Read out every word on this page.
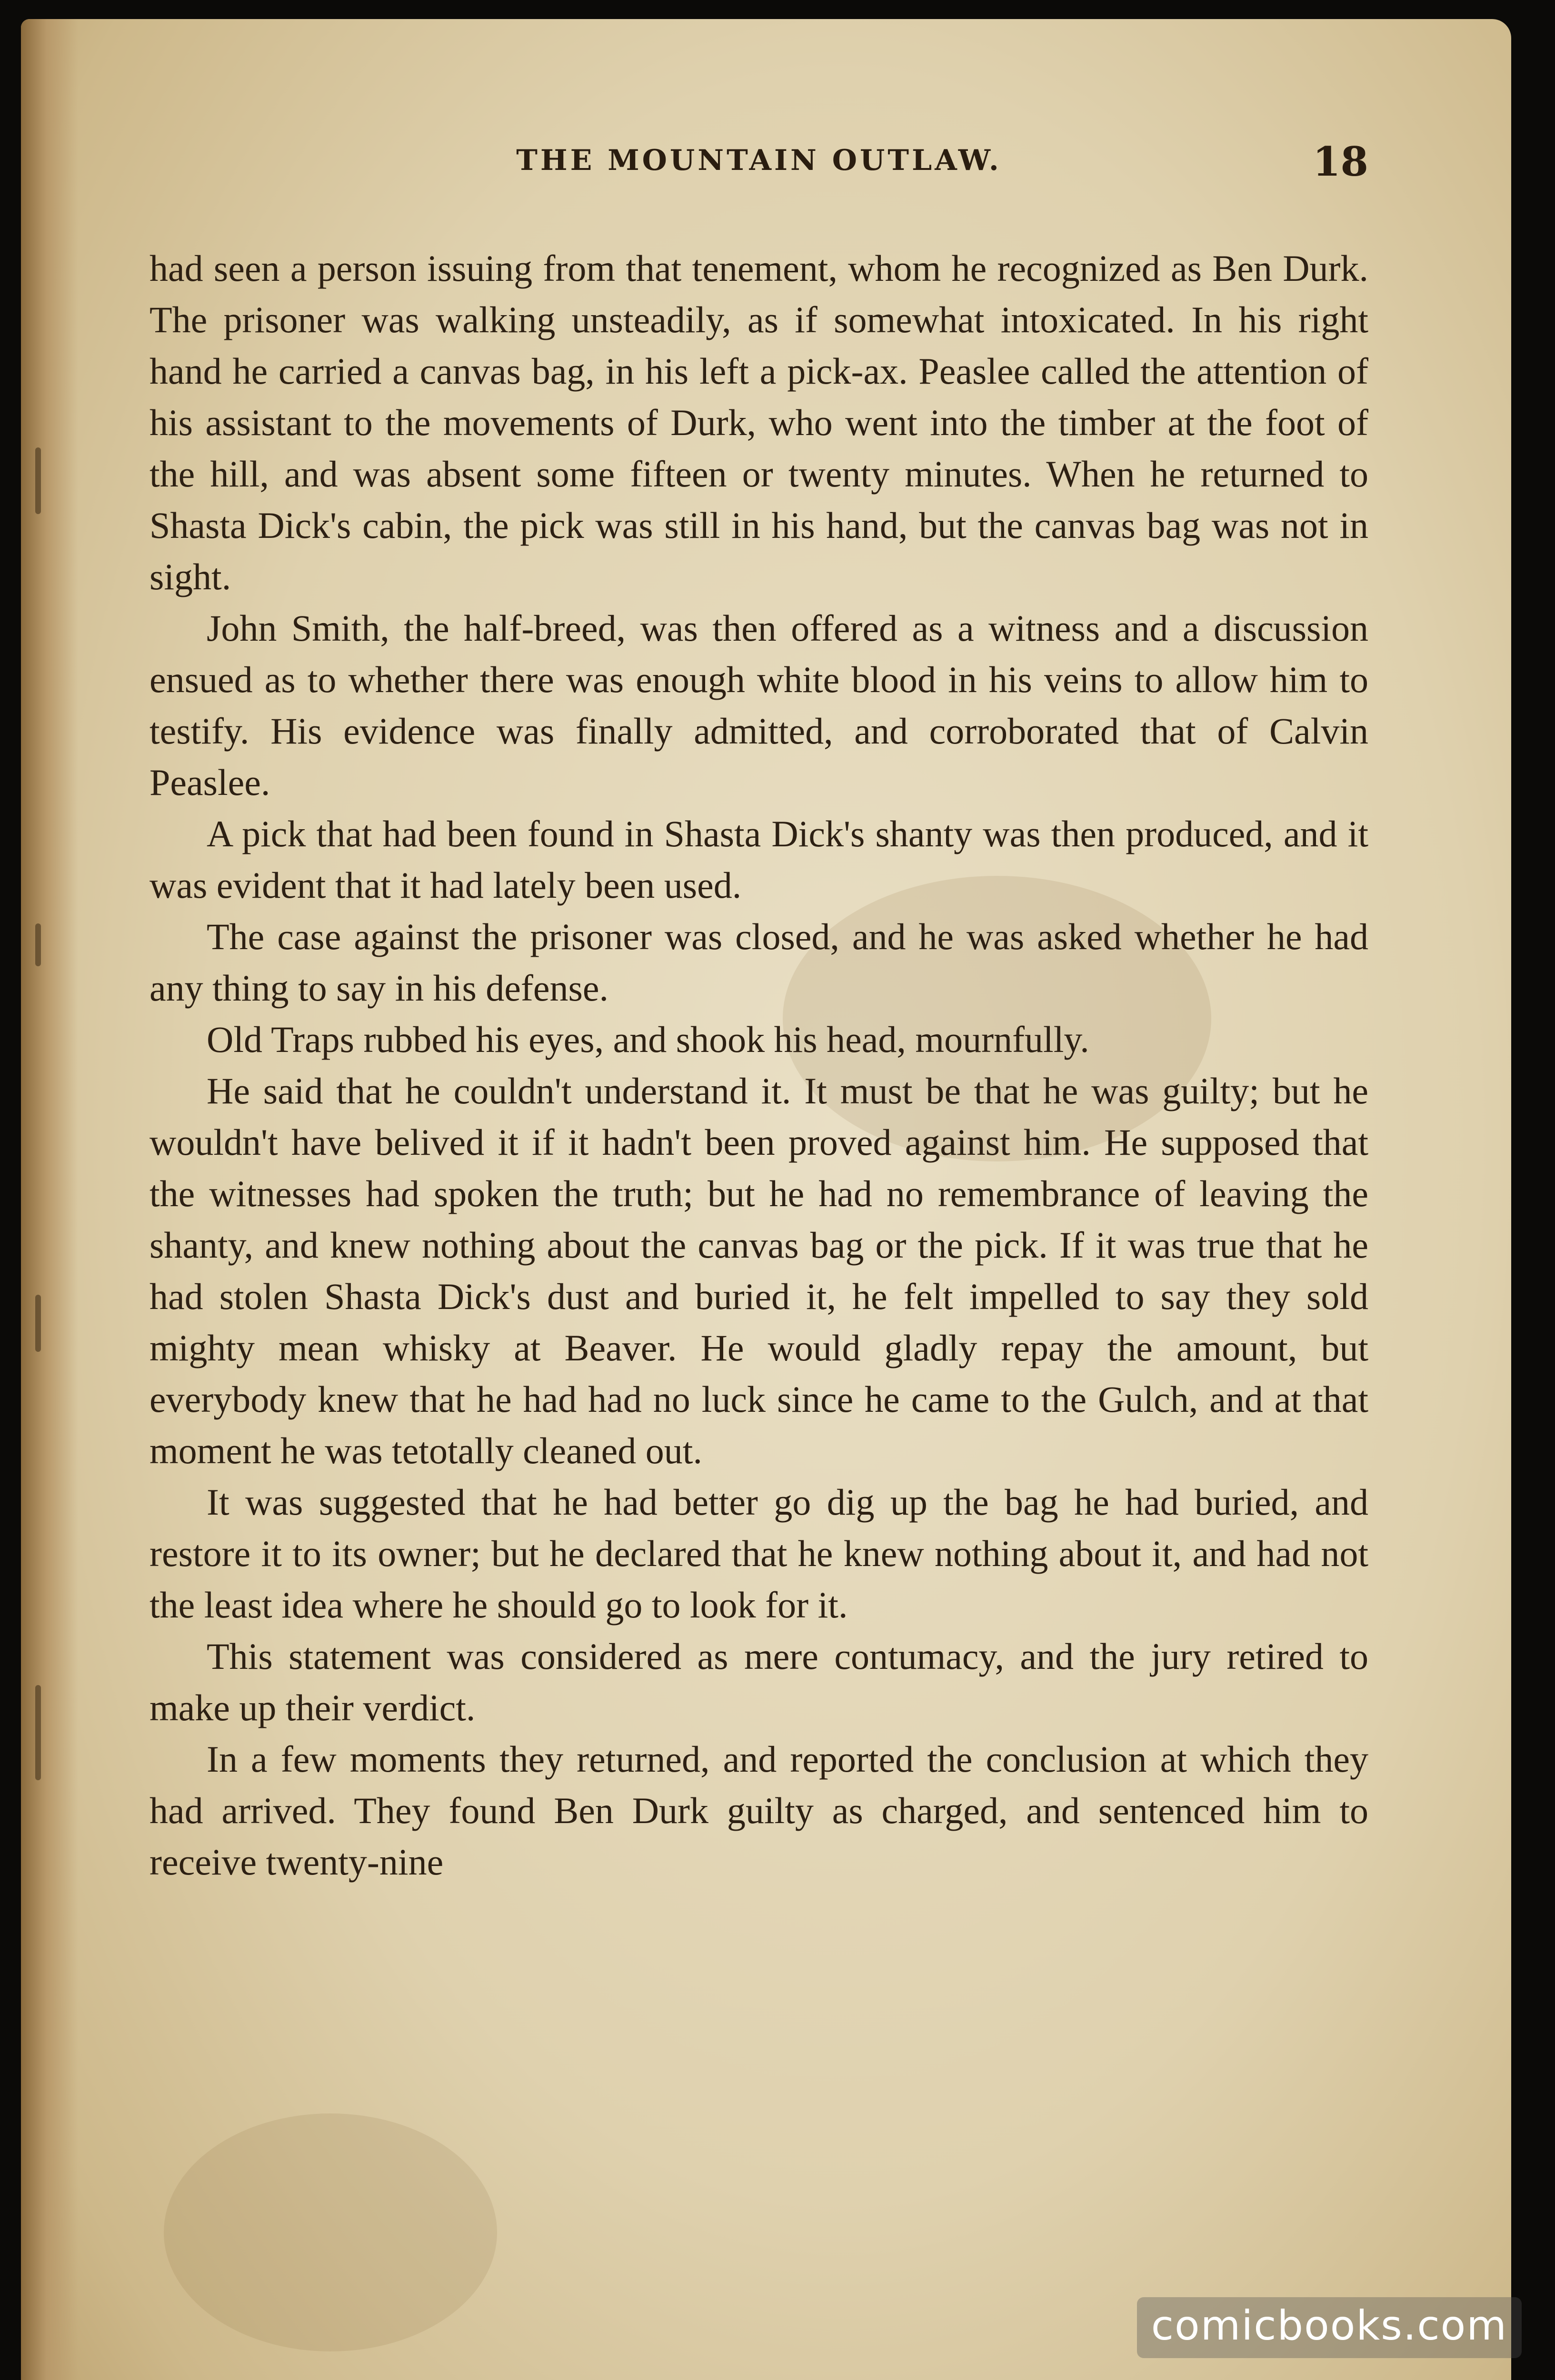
THE MOUNTAIN OUTLAW.	18

had seen a person issuing from that tenement, whom he recognized as Ben Durk. The prisoner was walking unsteadily, as if somewhat intoxicated. In his right hand he carried a canvas bag, in his left a pick-ax. Peaslee called the attention of his assistant to the movements of Durk, who went into the timber at the foot of the hill, and was absent some fifteen or twenty minutes. When he returned to Shasta Dick's cabin, the pick was still in his hand, but the canvas bag was not in sight.

John Smith, the half-breed, was then offered as a witness and a discussion ensued as to whether there was enough white blood in his veins to allow him to testify. His evidence was finally admitted, and corroborated that of Calvin Peaslee.

A pick that had been found in Shasta Dick's shanty was then produced, and it was evident that it had lately been used.

The case against the prisoner was closed, and he was asked whether he had any thing to say in his defense.

Old Traps rubbed his eyes, and shook his head, mournfully.

He said that he couldn't understand it. It must be that he was guilty; but he wouldn't have belived it if it hadn't been proved against him. He supposed that the witnesses had spoken the truth; but he had no remembrance of leaving the shanty, and knew nothing about the canvas bag or the pick. If it was true that he had stolen Shasta Dick's dust and buried it, he felt impelled to say they sold mighty mean whisky at Beaver. He would gladly repay the amount, but everybody knew that he had had no luck since he came to the Gulch, and at that moment he was tetotally cleaned out.

It was suggested that he had better go dig up the bag he had buried, and restore it to its owner; but he declared that he knew nothing about it, and had not the least idea where he should go to look for it.

This statement was considered as mere contumacy, and the jury retired to make up their verdict.

In a few moments they returned, and reported the conclusion at which they had arrived. They found Ben Durk guilty as charged, and sentenced him to receive twenty-nine

comicbooks.com
